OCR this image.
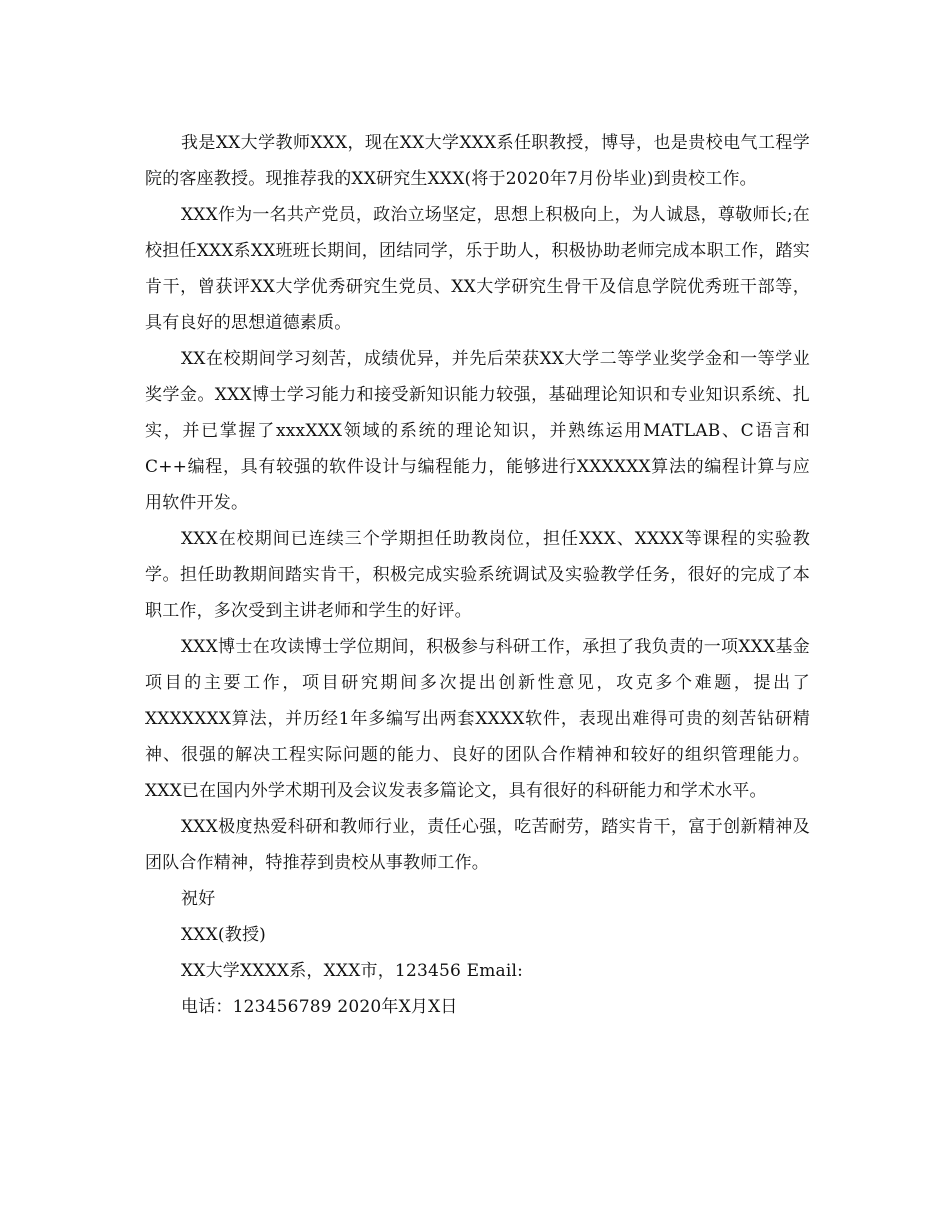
我是XX大学教师XXX，现在XX大学XXX系任职教授，博导，也是贵校电气工程学院的客座教授。现推荐我的XX研究生XXX(将于2020年7月份毕业)到贵校工作。

XXX作为一名共产党员，政治立场坚定，思想上积极向上，为人诚恳，尊敬师长;在校担任XXX系XX班班长期间，团结同学，乐于助人，积极协助老师完成本职工作，踏实肯干，曾获评XX大学优秀研究生党员、XX大学研究生骨干及信息学院优秀班干部等，具有良好的思想道德素质。

XX在校期间学习刻苦，成绩优异，并先后荣获XX大学二等学业奖学金和一等学业奖学金。XXX博士学习能力和接受新知识能力较强，基础理论知识和专业知识系统、扎实，并已掌握了xxxXXX领域的系统的理论知识，并熟练运用MATLAB、C语言和C++编程，具有较强的软件设计与编程能力，能够进行XXXXXX算法的编程计算与应用软件开发。

XXX在校期间已连续三个学期担任助教岗位，担任XXX、XXXX等课程的实验教学。担任助教期间踏实肯干，积极完成实验系统调试及实验教学任务，很好的完成了本职工作，多次受到主讲老师和学生的好评。

XXX博士在攻读博士学位期间，积极参与科研工作，承担了我负责的一项XXX基金项目的主要工作，项目研究期间多次提出创新性意见，攻克多个难题，提出了XXXXXXX算法，并历经1年多编写出两套XXXX软件，表现出难得可贵的刻苦钻研精神、很强的解决工程实际问题的能力、良好的团队合作精神和较好的组织管理能力。XXX已在国内外学术期刊及会议发表多篇论文，具有很好的科研能力和学术水平。

XXX极度热爱科研和教师行业，责任心强，吃苦耐劳，踏实肯干，富于创新精神及团队合作精神，特推荐到贵校从事教师工作。

祝好

XXX(教授)

XX大学XXXX系，XXX市，123456 Email:

电话：123456789 2020年X月X日
